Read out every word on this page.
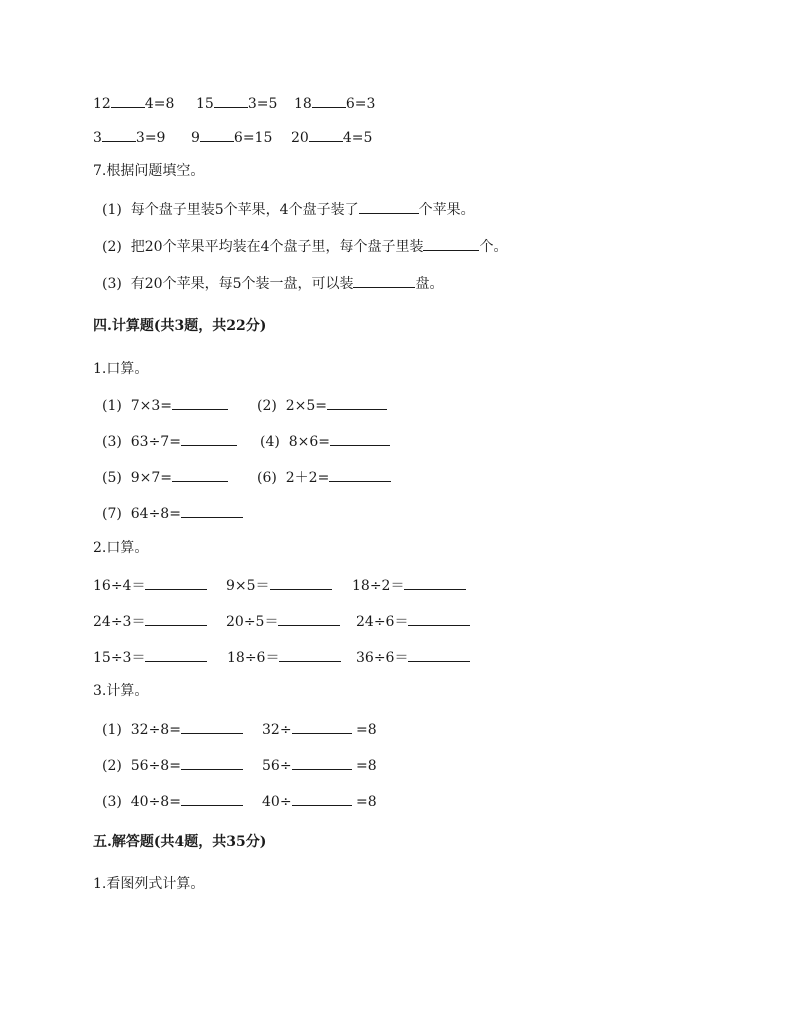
12 4=8 15 3=5 18 6=3
3 3=9 9 6=15 20 4=5
7.根据问题填空。
(1) 每个盘子里装5个苹果，4个盘子装了	个苹果。
(2) 把20个苹果平均装在4个盘子里，每个盘子里装	个。
(3) 有20个苹果，每5个装一盘，可以装	盘。
四.计算题(共3题，共22分)
1.口算。
(1) 7×3=	(2) 2×5=
(3) 63÷7=	(4) 8×6=
(5) 9×7=	(6) 2＋2=
(7) 64÷8=
2.口算。
16÷4＝	9×5＝	18÷2＝
24÷3＝	20÷5＝	24÷6＝
15÷3＝	18÷6＝	36÷6＝
3.计算。
(1) 32÷8=	32÷	=8
(2) 56÷8=	56÷	=8
(3) 40÷8=	40÷	=8
五.解答题(共4题，共35分)
1.看图列式计算。
